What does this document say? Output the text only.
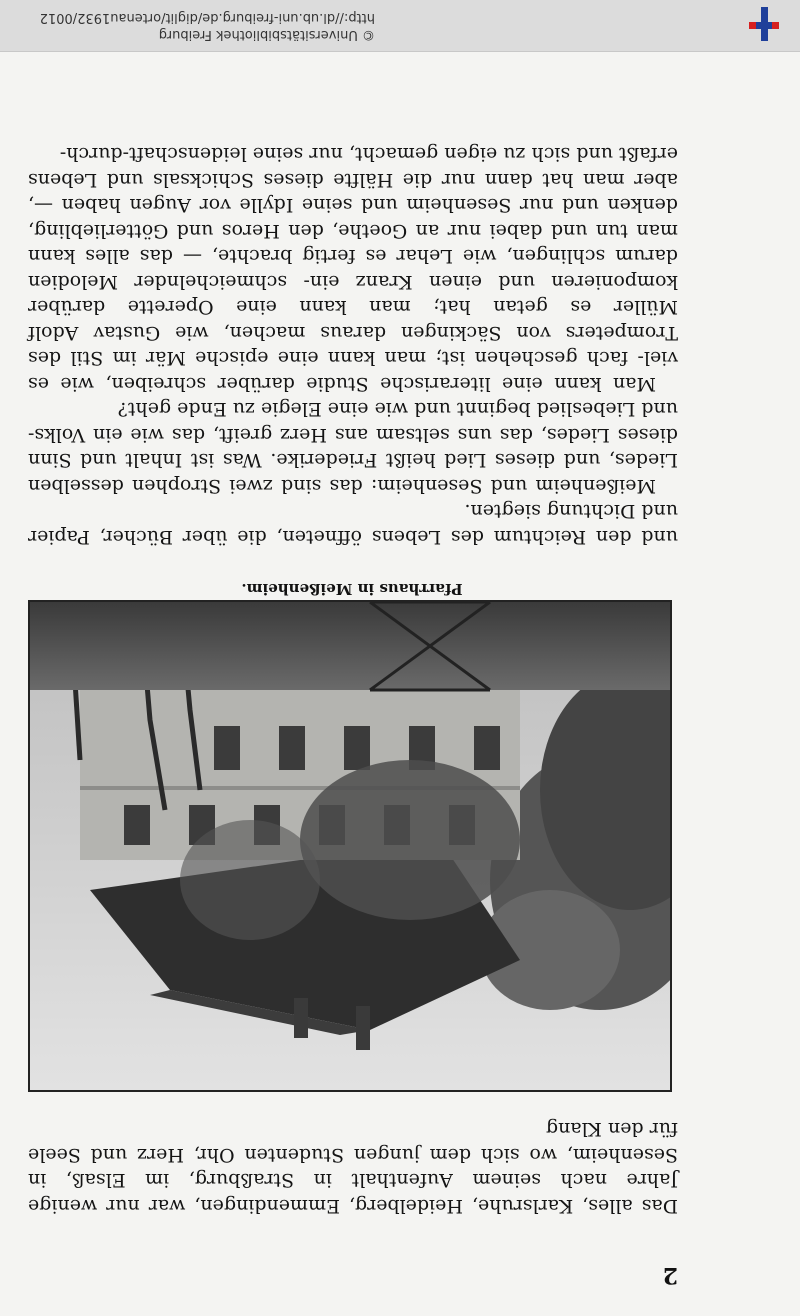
2

Das alles, Karlsruhe, Heidelberg, Emmendingen, war nur wenige Jahre nach seinem Aufenthalt in Straßburg, im Elsaß, in Sesenheim, wo sich dem jungen Studenten Ohr, Herz und Seele für den Klang

Pfarrhaus in Meißenheim.
und den Reichtum des Lebens öffneten, die über Bücher, Papier und Dichtung siegten.
Meißenheim und Sesenheim: das sind zwei Strophen desselben Liedes, und dieses Lied heißt Friederike. Was ist Inhalt und Sinn dieses Liedes, das uns seltsam ans Herz greift, das wie ein Volks- und Liebeslied beginnt und wie eine Elegie zu Ende geht?
Man kann eine literarische Studie darüber schreiben, wie es viel- fach geschehen ist; man kann eine epische Mär im Stil des Trompeters von Säckingen daraus machen, wie Gustav Adolf Müller es getan hat; man kann eine Operette darüber komponieren und einen Kranz ein- schmeichelnder Melodien darum schlingen, wie Lehar es fertig brachte, — das alles kann man tun und dabei nur an Goethe, den Heros und Götterliebling, denken und nur Sesenheim und seine Idylle vor Augen haben —, aber man hat dann nur die Hälfte dieses Schicksals und Lebens erfaßt und sich zu eigen gemacht, nur seine leidenschaft-durch-
© Universitätsbibliothek Freiburg
http://dl.ub.uni-freiburg.de/diglit/ortenau1932/0012
